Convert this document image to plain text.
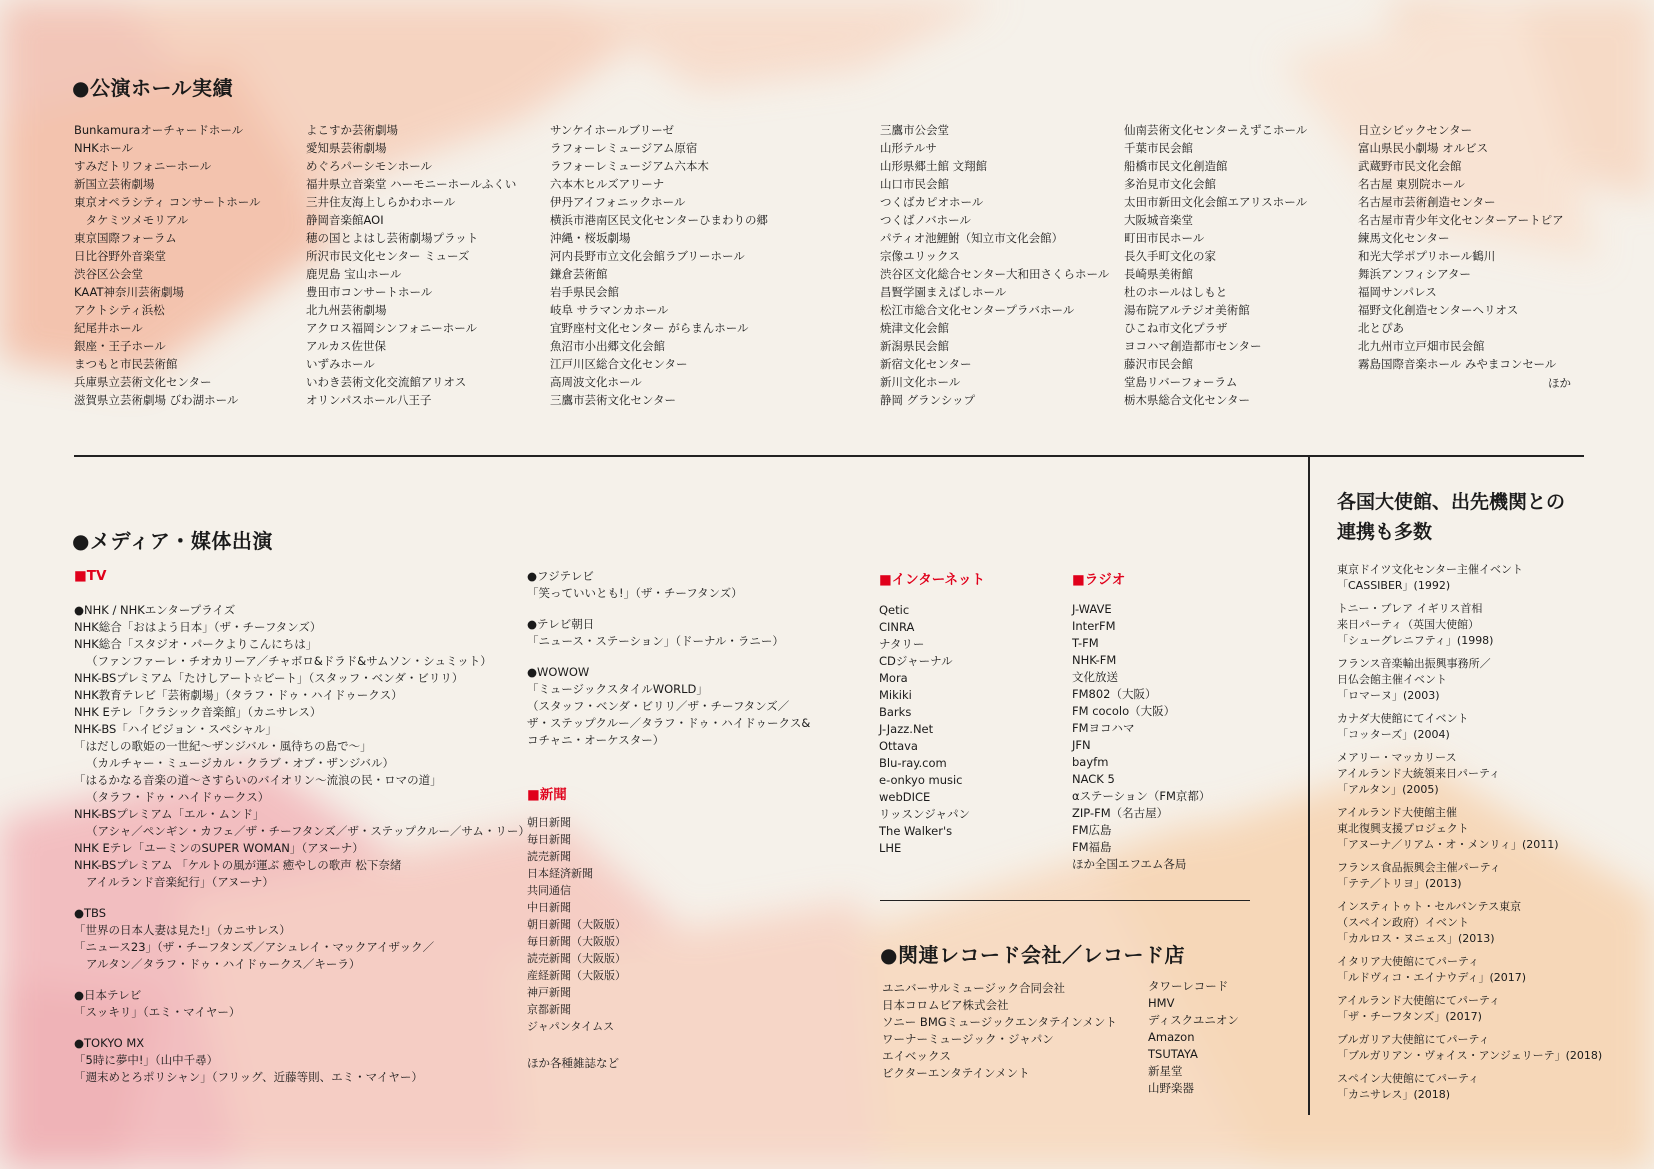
●公演ホール実績
Bunkamuraオーチャードホール
NHKホール
すみだトリフォニーホール
新国立芸術劇場
東京オペラシティ コンサートホール
　タケミツメモリアル
東京国際フォーラム
日比谷野外音楽堂
渋谷区公会堂
KAAT神奈川芸術劇場
アクトシティ浜松
紀尾井ホール
銀座・王子ホール
まつもと市民芸術館
兵庫県立芸術文化センター
滋賀県立芸術劇場 びわ湖ホール
よこすか芸術劇場
愛知県芸術劇場
めぐろパーシモンホール
福井県立音楽堂 ハーモニーホールふくい
三井住友海上しらかわホール
静岡音楽館AOI
穂の国とよはし芸術劇場プラット
所沢市民文化センター ミューズ
鹿児島 宝山ホール
豊田市コンサートホール
北九州芸術劇場
アクロス福岡シンフォニーホール
アルカス佐世保
いずみホール
いわき芸術文化交流館アリオス
オリンパスホール八王子
サンケイホールブリーゼ
ラフォーレミュージアム原宿
ラフォーレミュージアム六本木
六本木ヒルズアリーナ
伊丹アイフォニックホール
横浜市港南区民文化センターひまわりの郷
沖縄・桜坂劇場
河内長野市立文化会館ラブリーホール
鎌倉芸術館
岩手県民会館
岐阜 サラマンカホール
宜野座村文化センター がらまんホール
魚沼市小出郷文化会館
江戸川区総合文化センター
高周波文化ホール
三鷹市芸術文化センター
三鷹市公会堂
山形テルサ
山形県郷土館 文翔館
山口市民会館
つくばカピオホール
つくばノバホール
パティオ池鯉鮒（知立市文化会館）
宗像ユリックス
渋谷区文化総合センター大和田さくらホール
昌賢学園まえばしホール
松江市総合文化センタープラバホール
焼津文化会館
新潟県民会館
新宿文化センター
新川文化ホール
静岡 グランシップ
仙南芸術文化センターえずこホール
千葉市民会館
船橋市民文化創造館
多治見市文化会館
太田市新田文化会館エアリスホール
大阪城音楽堂
町田市民ホール
長久手町文化の家
長崎県美術館
杜のホールはしもと
湯布院アルテジオ美術館
ひこね市文化プラザ
ヨコハマ創造都市センター
藤沢市民会館
堂島リバーフォーラム
栃木県総合文化センター
日立シビックセンター
富山県民小劇場 オルビス
武蔵野市民文化会館
名古屋 東別院ホール
名古屋市芸術創造センター
名古屋市青少年文化センターアートピア
練馬文化センター
和光大学ポプリホール鶴川
舞浜アンフィシアター
福岡サンパレス
福野文化創造センターヘリオス
北とぴあ
北九州市立戸畑市民会館
霧島国際音楽ホール みやまコンセール
ほか
●メディア・媒体出演
■TV
●NHK / NHKエンタープライズ
NHK総合「おはよう日本」（ザ・チーフタンズ）
NHK総合「スタジオ・パークよりこんにちは」
（ファンファーレ・チオカリーア／チャボロ&ドラド&サムソン・シュミット）
NHK-BSプレミアム「たけしアート☆ビート」（スタッフ・ベンダ・ビリリ）
NHK教育テレビ「芸術劇場」（タラフ・ドゥ・ハイドゥークス）
NHK Eテレ「クラシック音楽館」（カニサレス）
NHK-BS「ハイビジョン・スペシャル」
「はだしの歌姫の一世紀～ザンジバル・風待ちの島で～」
（カルチャー・ミュージカル・クラブ・オブ・ザンジバル）
「はるかなる音楽の道～さすらいのバイオリン～流浪の民・ロマの道」
（タラフ・ドゥ・ハイドゥークス）
NHK-BSプレミアム「エル・ムンド」
（アシャ／ペンギン・カフェ／ザ・チーフタンズ／ザ・ステップクルー／サム・リー）
NHK Eテレ「ユーミンのSUPER WOMAN」（アヌーナ）
NHK-BSプレミアム 「ケルトの風が運ぶ 癒やしの歌声 松下奈緒
アイルランド音楽紀行」（アヌーナ）
●TBS
「世界の日本人妻は見た!」（カニサレス）
「ニュース23」（ザ・チーフタンズ／アシュレイ・マックアイザック／
アルタン／タラフ・ドゥ・ハイドゥークス／キーラ）
●日本テレビ
「スッキリ」（エミ・マイヤー）
●TOKYO MX
「5時に夢中!」（山中千尋）
「週末めとろポリシャン」（フリッグ、近藤等則、エミ・マイヤー）
●フジテレビ
「笑っていいとも!」（ザ・チーフタンズ）
●テレビ朝日
「ニュース・ステーション」（ドーナル・ラニー）
●WOWOW
「ミュージックスタイルWORLD」
（スタッフ・ベンダ・ビリリ／ザ・チーフタンズ／
ザ・ステップクルー／タラフ・ドゥ・ハイドゥークス&
コチャニ・オーケスター）
■新聞
朝日新聞
毎日新聞
読売新聞
日本経済新聞
共同通信
中日新聞
朝日新聞（大阪版）
毎日新聞（大阪版）
読売新聞（大阪版）
産経新聞（大阪版）
神戸新聞
京都新聞
ジャパンタイムス
ほか各種雑誌など
■インターネット
Qetic
CINRA
ナタリー
CDジャーナル
Mora
Mikiki
Barks
J-Jazz.Net
Ottava
Blu-ray.com
e-onkyo music
webDICE
リッスンジャパン
The Walker's
LHE
■ラジオ
J-WAVE
InterFM
T-FM
NHK-FM
文化放送
FM802（大阪）
FM cocolo（大阪）
FMヨコハマ
JFN
bayfm
NACK 5
αステーション（FM京都）
ZIP-FM（名古屋）
FM広島
FM福島
ほか全国エフエム各局
●関連レコード会社／レコード店
ユニバーサルミュージック合同会社
日本コロムビア株式会社
ソニー BMGミュージックエンタテインメント
ワーナーミュージック・ジャパン
エイベックス
ビクターエンタテインメント
タワーレコード
HMV
ディスクユニオン
Amazon
TSUTAYA
新星堂
山野楽器
各国大使館、出先機関との
連携も多数
東京ドイツ文化センター主催イベント
「CASSIBER」(1992)
トニー・ブレア イギリス首相
来日パーティ（英国大使館）
「シューグレニフティ」(1998)
フランス音楽輸出振興事務所／
日仏会館主催イベント
「ロマーヌ」(2003)
カナダ大使館にてイベント
「コッターズ」(2004)
メアリー・マッカリース
アイルランド大統領来日パーティ
「アルタン」(2005)
アイルランド大使館主催
東北復興支援プロジェクト
「アヌーナ／リアム・オ・メンリィ」(2011)
フランス食品振興会主催パーティ
「テテ／トリヨ」(2013)
インスティトゥト・セルバンテス東京
（スペイン政府）イベント
「カルロス・ヌニェス」(2013)
イタリア大使館にてパーティ
「ルドヴィコ・エイナウディ」(2017)
アイルランド大使館にてパーティ
「ザ・チーフタンズ」(2017)
ブルガリア大使館にてパーティ
「ブルガリアン・ヴォイス・アンジェリーテ」(2018)
スペイン大使館にてパーティ
「カニサレス」(2018)
